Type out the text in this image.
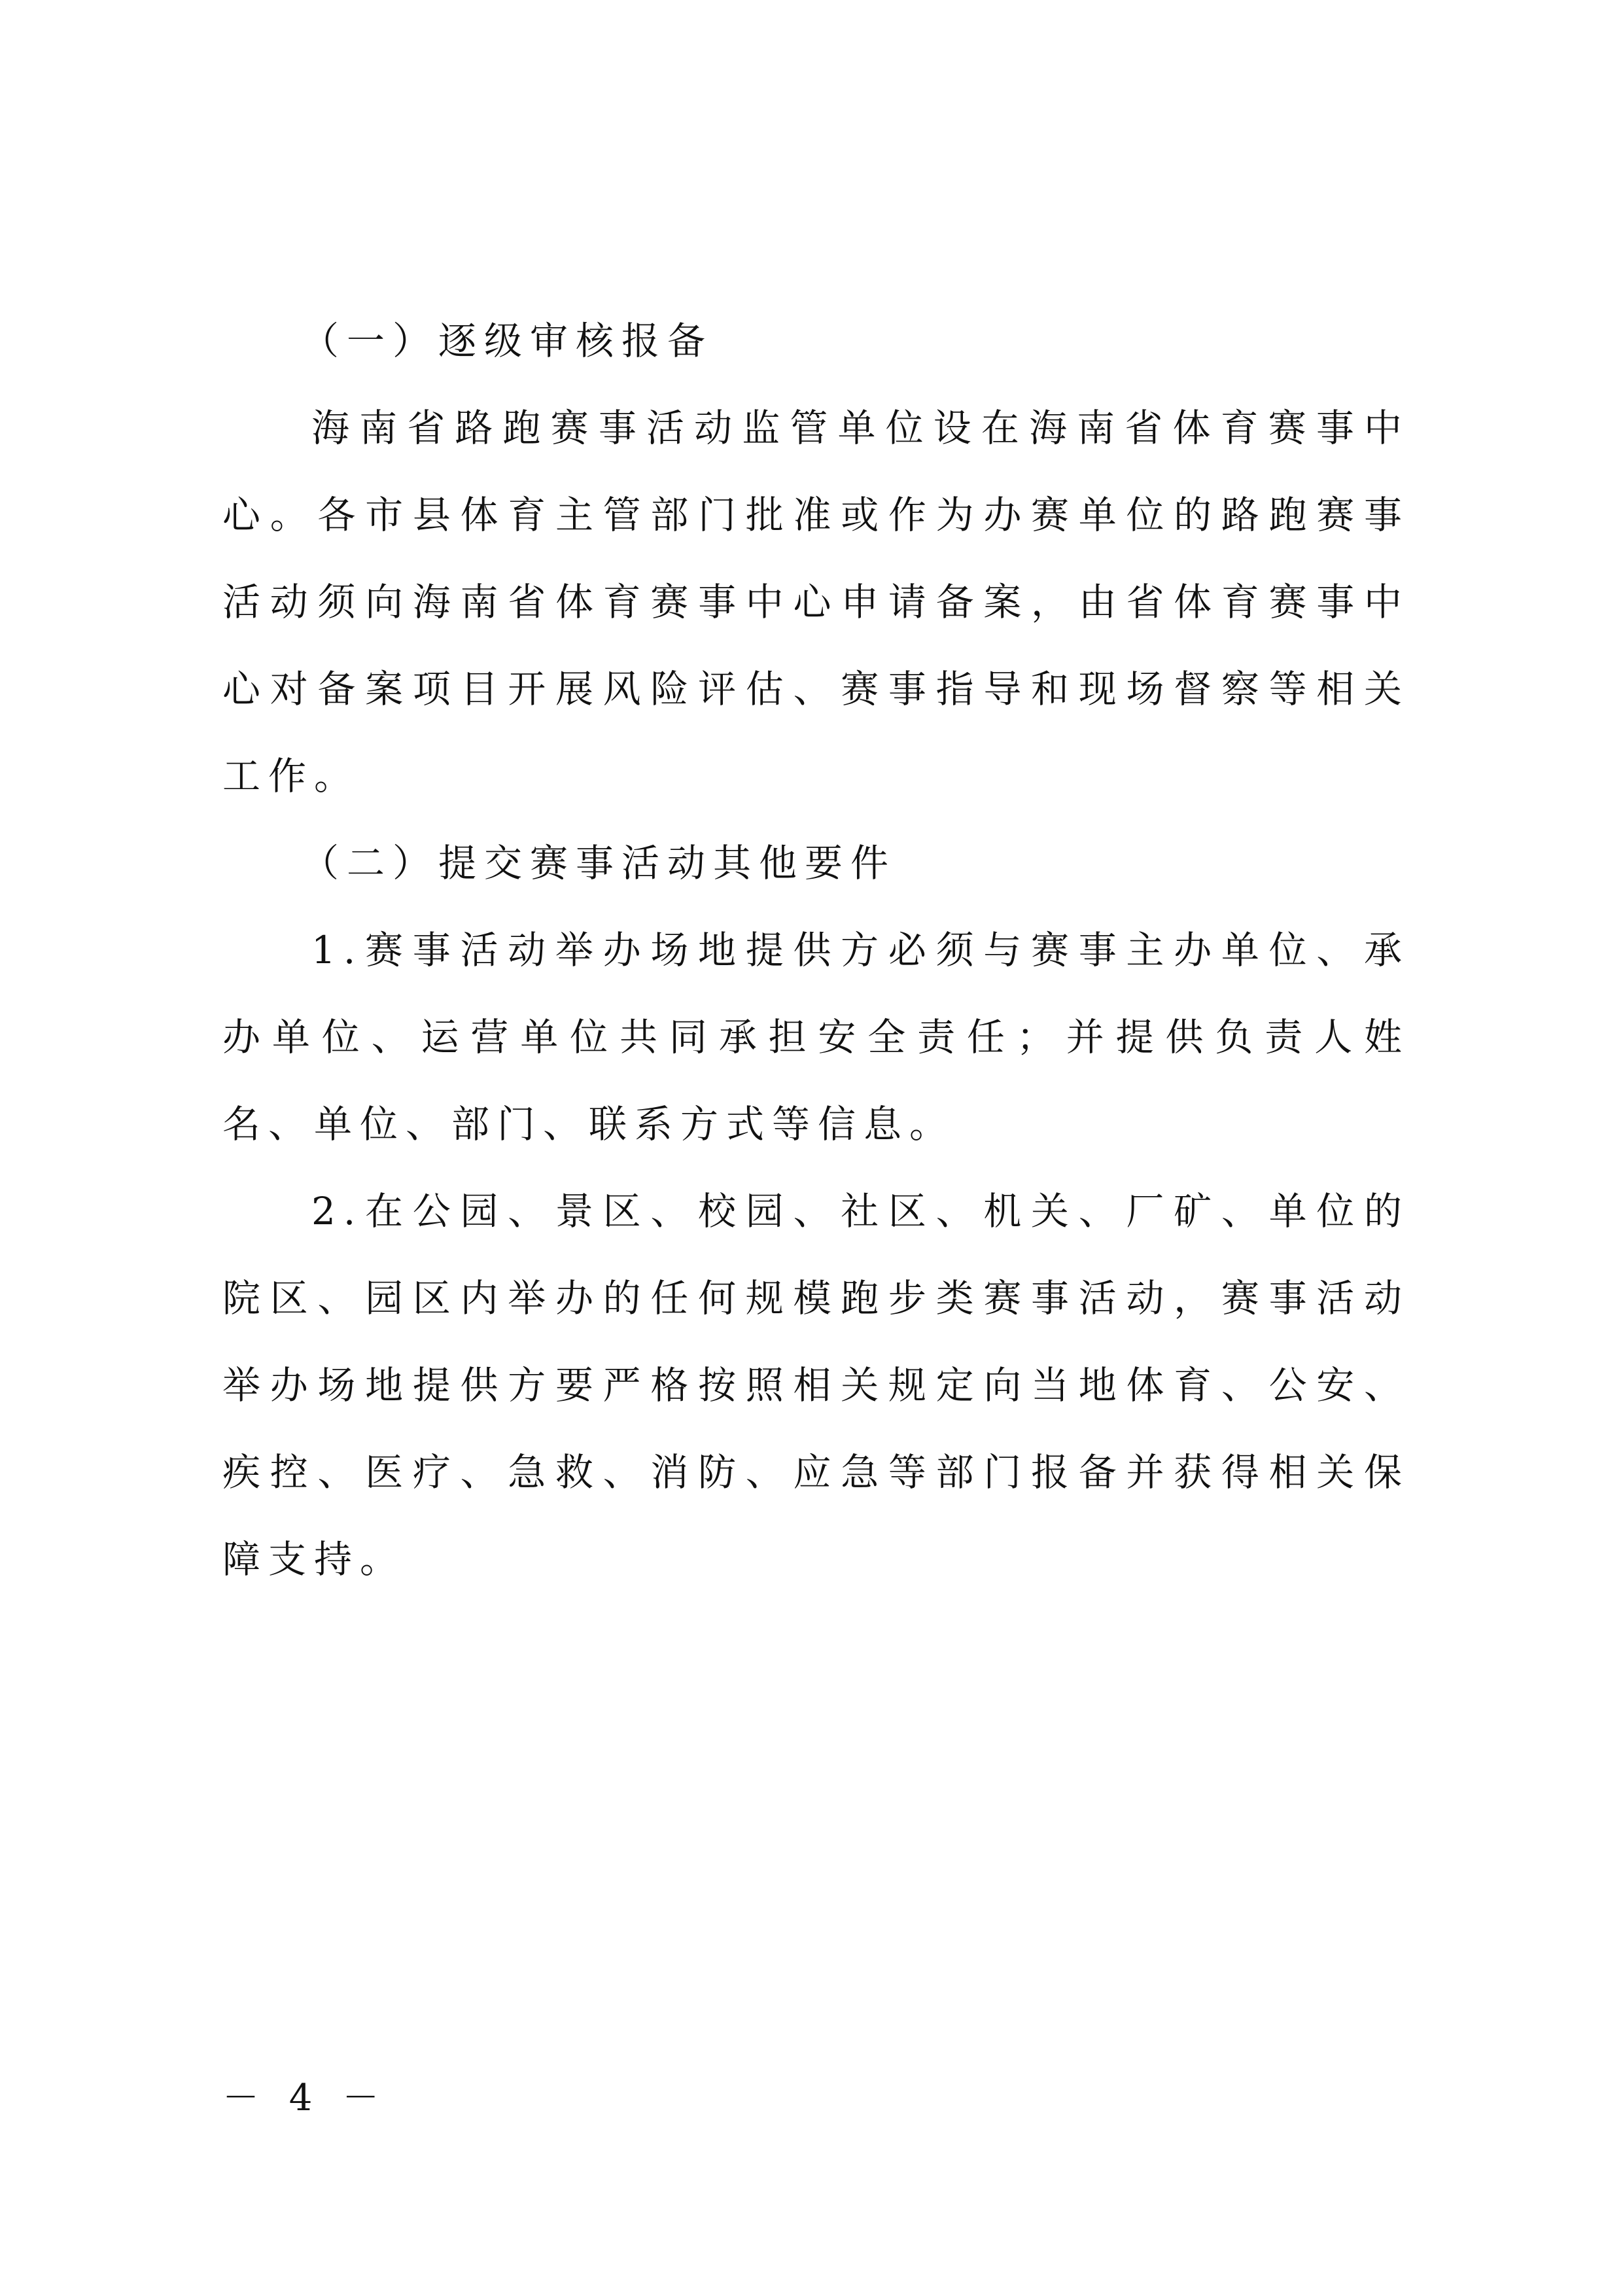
（一）逐级审核报备

海南省路跑赛事活动监管单位设在海南省体育赛事中心。各市县体育主管部门批准或作为办赛单位的路跑赛事活动须向海南省体育赛事中心申请备案，由省体育赛事中心对备案项目开展风险评估、赛事指导和现场督察等相关工作。

（二）提交赛事活动其他要件

1.赛事活动举办场地提供方必须与赛事主办单位、承办单位、运营单位共同承担安全责任；并提供负责人姓名、单位、部门、联系方式等信息。

2.在公园、景区、校园、社区、机关、厂矿、单位的院区、园区内举办的任何规模跑步类赛事活动，赛事活动举办场地提供方要严格按照相关规定向当地体育、公安、疾控、医疗、急救、消防、应急等部门报备并获得相关保障支持。

－ 4 －
